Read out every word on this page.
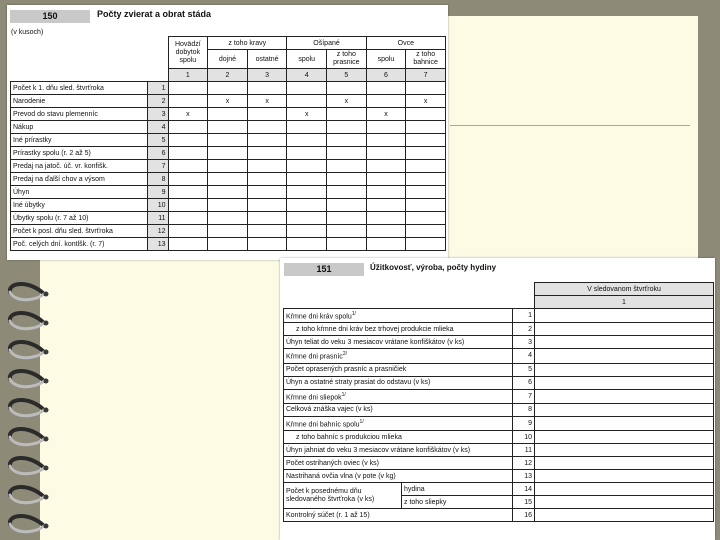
150	Počty zvierat a obrat stáda
(v kusoch)
		Hovädzí dobytok spolu	z toho kravy		Ošípané		Ovce	
			dojné	ostatné	spolu	z toho prasnice	spolu	z toho bahnice
		1	2	3	4	5	6	7
Počet k 1. dňu sled. štvrťroka	1							
Narodenie	2		x	x		x		x
Prevod do stavu plemenníc	3	x			x		x	
Nákup	4							
Iné prírastky	5							
Prírastky spolu (r. 2 až 5)	6							
Predaj na jatoč. úč. vr. konfišk.	7							
Predaj na ďalší chov a výsom	8							
Úhyn	9							
Iné úbytky	10							
Úbytky spolu (r. 7 až 10)	11							
Počet k posl. dňu sled. štvrťroka	12							
Poč. celých dní. kontlšk. (r. 7)	13							
151	Úžitkovosť, výroba, počty hydiny
			V sledovanom štvrťroku
			1
Kŕmne dni kráv spolu$^{1/}$		1	
z toho kŕmne dni kráv bez trhovej produkcie mlieka		2	
Úhyn teliat do veku 3 mesiacov vrátane konfiškátov (v ks)		3	
Kŕmne dni prasníc$^{2/}$		4	
Počet oprasených prasníc a prasničiek		5	
Úhyn a ostatné straty prasiat do odstavu (v ks)		6	
Kŕmne dni sliepok$^{1/}$		7	
Celková znáška vajec (v ks)		8	
Kŕmne dni bahníc spolu$^{1/}$		9	
z toho bahníc s produkciou mlieka		10	
Úhyn jahniat do veku 3 mesiacov vrátane konfiškátov (v ks)		11	
Počet ostrihaných oviec (v ks)		12	
Nastrihaná ovčia vlna (v pote (v kg)		13	
Počet k posednému dňu sledovaného štvrťroka (v ks)	hydina	14	
	z toho sliepky	15	
Kontrolný súčet (r. 1 až 15)		16	
